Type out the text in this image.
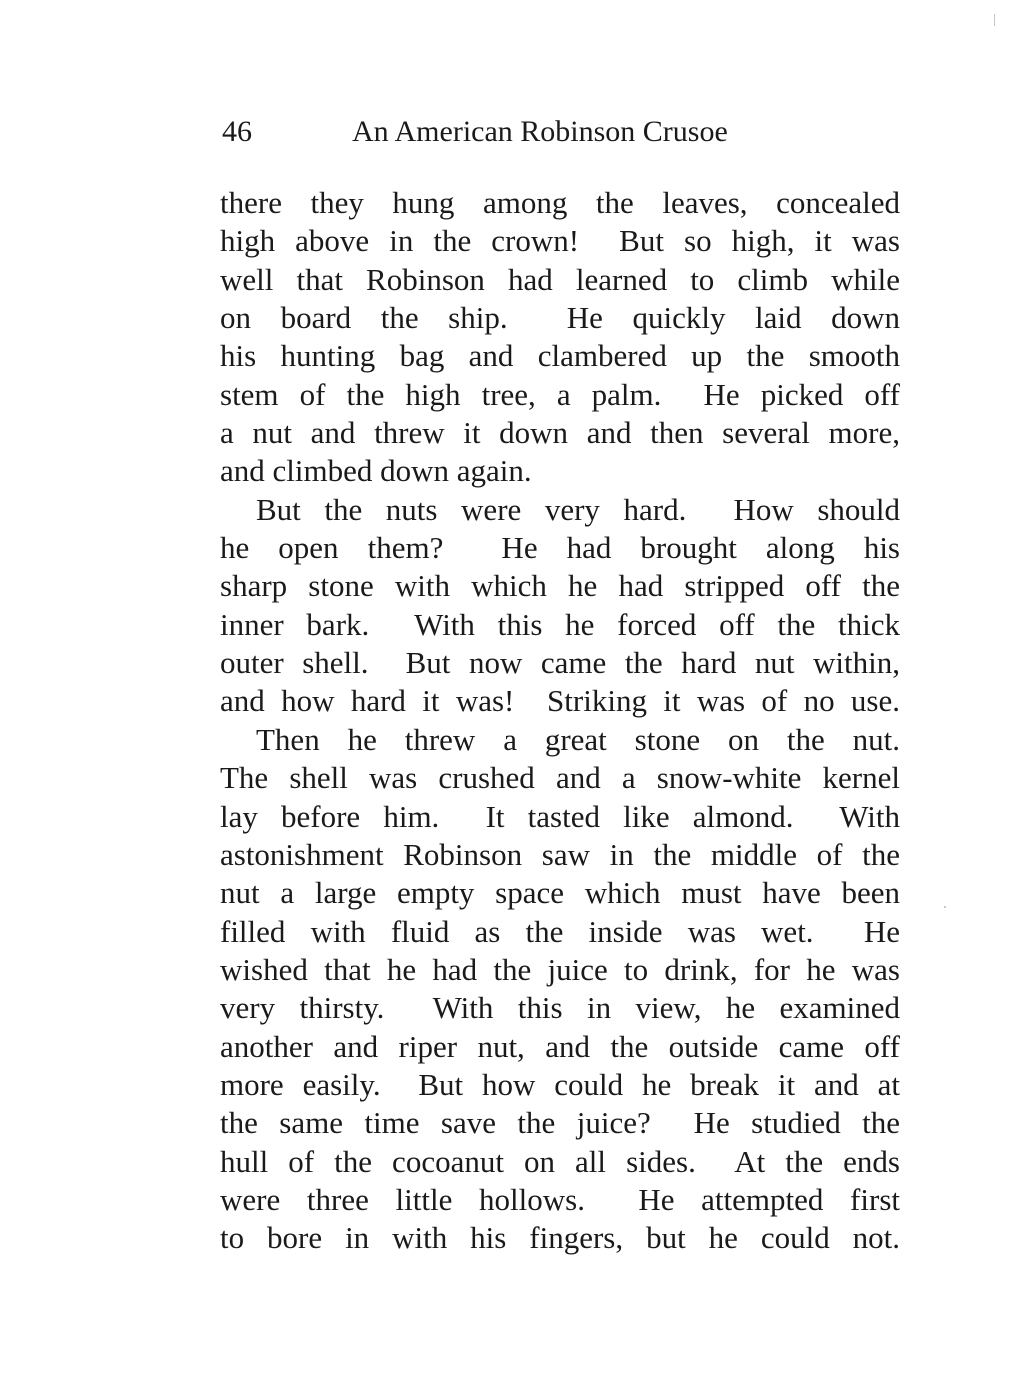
46	An American Robinson Crusoe
there they hung among the leaves, concealed
high above in the crown!  But so high, it was
well that Robinson had learned to climb while
on board the ship.  He quickly laid down
his hunting bag and clambered up the smooth
stem of the high tree, a palm.  He picked off
a nut and threw it down and then several more,
and climbed down again.
But the nuts were very hard.  How should
he open them?  He had brought along his
sharp stone with which he had stripped off the
inner bark.  With this he forced off the thick
outer shell.  But now came the hard nut within,
and how hard it was!  Striking it was of no use.
Then he threw a great stone on the nut.
The shell was crushed and a snow-white kernel
lay before him.  It tasted like almond.  With
astonishment Robinson saw in the middle of the
nut a large empty space which must have been
filled with fluid as the inside was wet.  He
wished that he had the juice to drink, for he was
very thirsty.  With this in view, he examined
another and riper nut, and the outside came off
more easily.  But how could he break it and at
the same time save the juice?  He studied the
hull of the cocoanut on all sides.  At the ends
were three little hollows.  He attempted first
to bore in with his fingers, but he could not.
